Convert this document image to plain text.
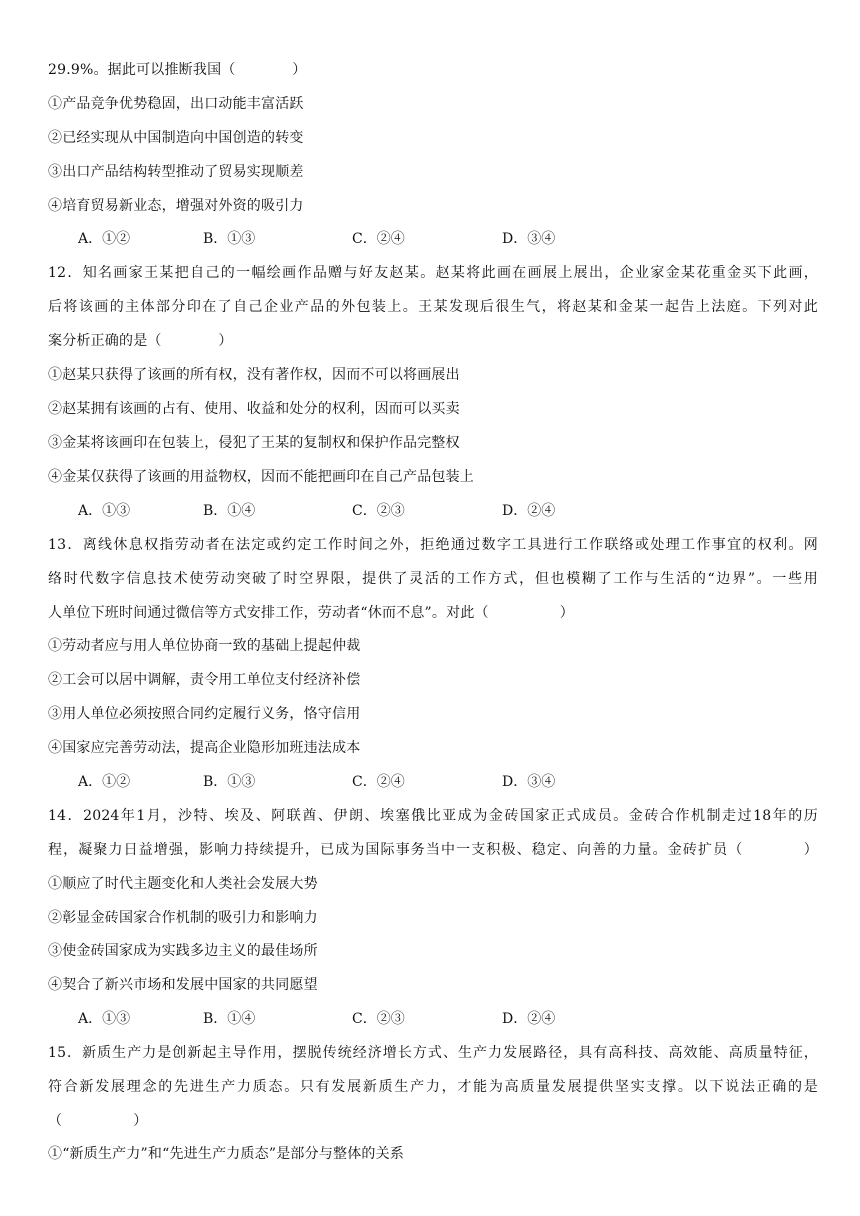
29.9%。据此可以推断我国（　　　　）
①产品竞争优势稳固，出口动能丰富活跃
②已经实现从中国制造向中国创造的转变
③出口产品结构转型推动了贸易实现顺差
④培育贸易新业态，增强对外资的吸引力
A．①②	B．①③	C．②④	D．③④
12．知名画家王某把自己的一幅绘画作品赠与好友赵某。赵某将此画在画展上展出，企业家金某花重金买下此画，
后将该画的主体部分印在了自己企业产品的外包装上。王某发现后很生气，将赵某和金某一起告上法庭。下列对此
案分析正确的是（　　　　）
①赵某只获得了该画的所有权，没有著作权，因而不可以将画展出
②赵某拥有该画的占有、使用、收益和处分的权利，因而可以买卖
③金某将该画印在包装上，侵犯了王某的复制权和保护作品完整权
④金某仅获得了该画的用益物权，因而不能把画印在自己产品包装上
A．①③	B．①④	C．②③	D．②④
13．离线休息权指劳动者在法定或约定工作时间之外，拒绝通过数字工具进行工作联络或处理工作事宜的权利。网
络时代数字信息技术使劳动突破了时空界限，提供了灵活的工作方式，但也模糊了工作与生活的“边界”。一些用
人单位下班时间通过微信等方式安排工作，劳动者“休而不息”。对此（　　　　　）
①劳动者应与用人单位协商一致的基础上提起仲裁
②工会可以居中调解，责令用工单位支付经济补偿
③用人单位必须按照合同约定履行义务，恪守信用
④国家应完善劳动法，提高企业隐形加班违法成本
A．①②	B．①③	C．②④	D．③④
14．2024年1月，沙特、埃及、阿联酋、伊朗、埃塞俄比亚成为金砖国家正式成员。金砖合作机制走过18年的历
程，凝聚力日益增强，影响力持续提升，已成为国际事务当中一支积极、稳定、向善的力量。金砖扩员（　　　　）
①顺应了时代主题变化和人类社会发展大势
②彰显金砖国家合作机制的吸引力和影响力
③使金砖国家成为实践多边主义的最佳场所
④契合了新兴市场和发展中国家的共同愿望
A．①③	B．①④	C．②③	D．②④
15．新质生产力是创新起主导作用，摆脱传统经济增长方式、生产力发展路径，具有高科技、高效能、高质量特征，
符合新发展理念的先进生产力质态。只有发展新质生产力，才能为高质量发展提供坚实支撑。以下说法正确的是
（　　　　　）
①“新质生产力”和“先进生产力质态”是部分与整体的关系
